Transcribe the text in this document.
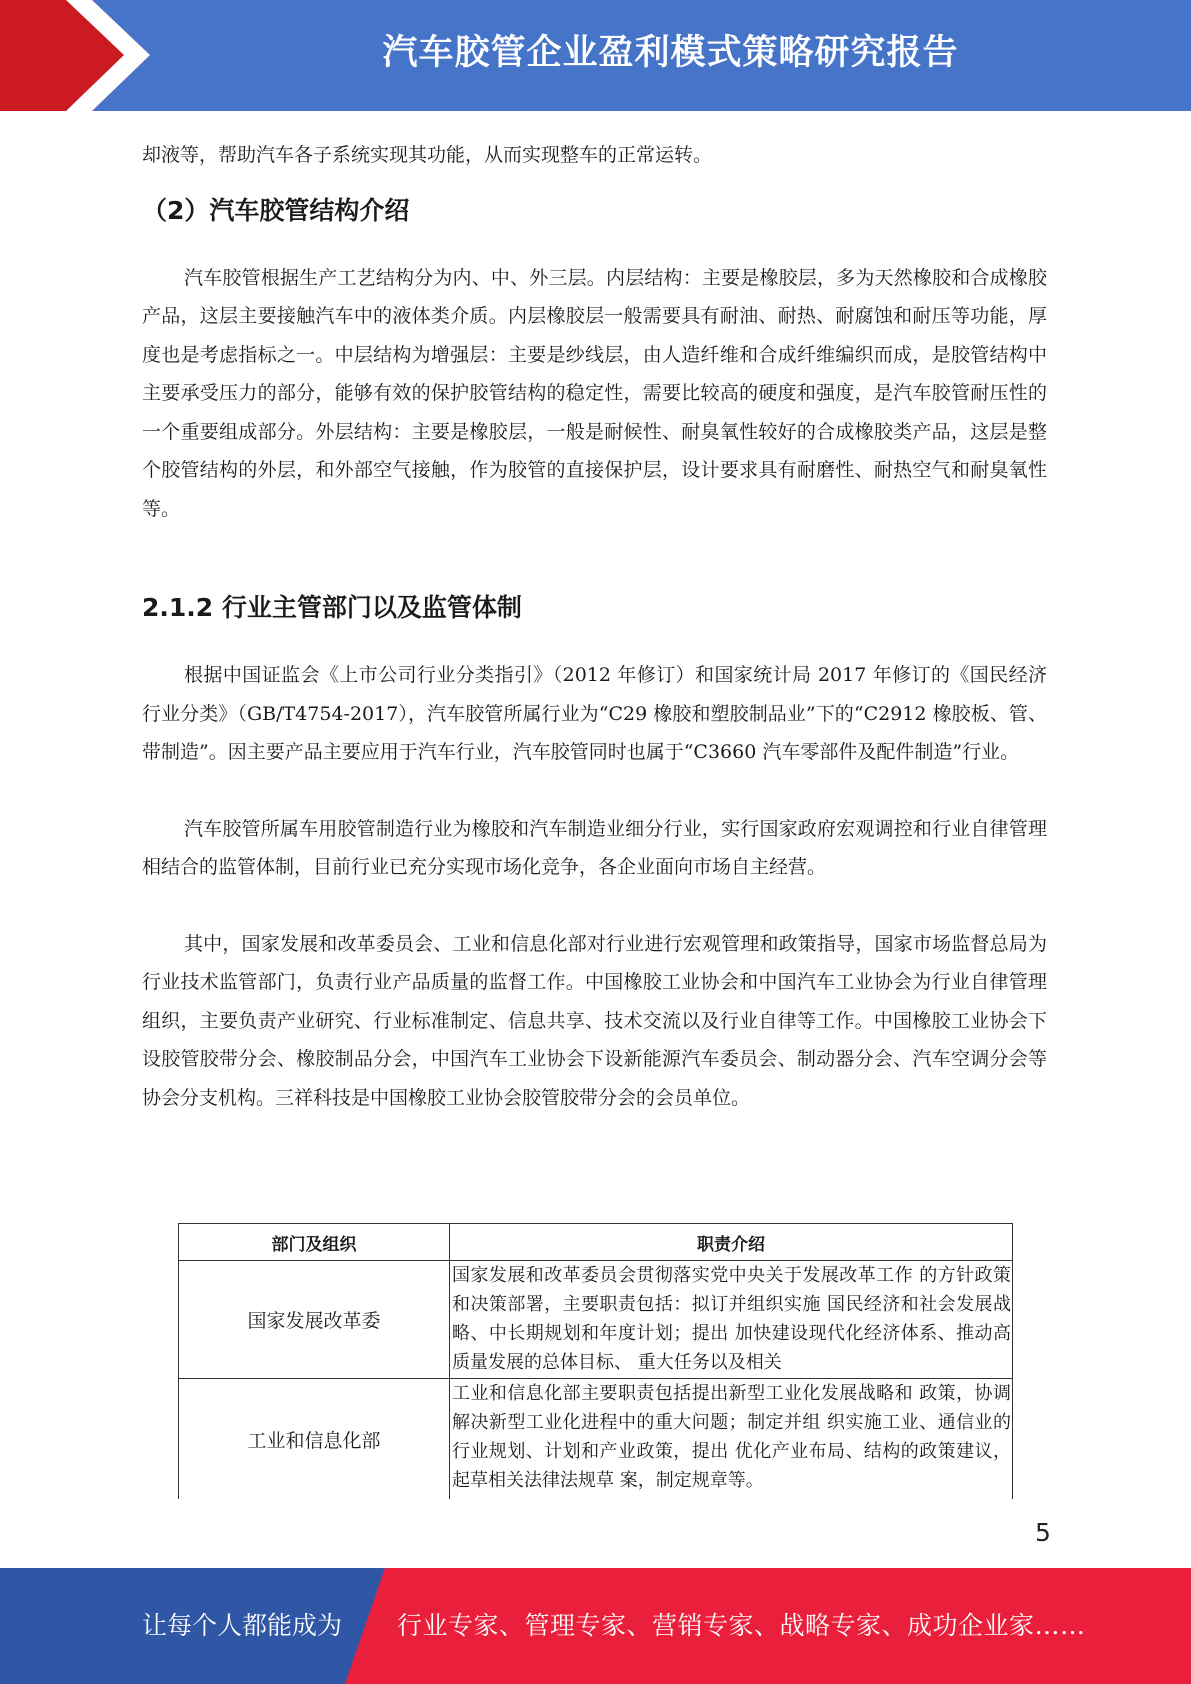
汽车胶管企业盈利模式策略研究报告

却液等，帮助汽车各子系统实现其功能，从而实现整车的正常运转。

（2）汽车胶管结构介绍

汽车胶管根据生产工艺结构分为内、中、外三层。内层结构：主要是橡胶层，多为天然橡胶和合成橡胶产品，这层主要接触汽车中的液体类介质。内层橡胶层一般需要具有耐油、耐热、耐腐蚀和耐压等功能，厚度也是考虑指标之一。中层结构为增强层：主要是纱线层，由人造纤维和合成纤维编织而成，是胶管结构中主要承受压力的部分，能够有效的保护胶管结构的稳定性，需要比较高的硬度和强度，是汽车胶管耐压性的一个重要组成部分。外层结构：主要是橡胶层，一般是耐候性、耐臭氧性较好的合成橡胶类产品，这层是整个胶管结构的外层，和外部空气接触，作为胶管的直接保护层，设计要求具有耐磨性、耐热空气和耐臭氧性等。

2.1.2 行业主管部门以及监管体制

根据中国证监会《上市公司行业分类指引》（2012 年修订）和国家统计局 2017 年修订的《国民经济行业分类》（GB/T4754-2017），汽车胶管所属行业为“C29 橡胶和塑胶制品业”下的“C2912 橡胶板、管、带制造”。因主要产品主要应用于汽车行业，汽车胶管同时也属于“C3660 汽车零部件及配件制造”行业。

汽车胶管所属车用胶管制造行业为橡胶和汽车制造业细分行业，实行国家政府宏观调控和行业自律管理相结合的监管体制，目前行业已充分实现市场化竞争，各企业面向市场自主经营。

其中，国家发展和改革委员会、工业和信息化部对行业进行宏观管理和政策指导，国家市场监督总局为行业技术监管部门，负责行业产品质量的监督工作。中国橡胶工业协会和中国汽车工业协会为行业自律管理组织，主要负责产业研究、行业标准制定、信息共享、技术交流以及行业自律等工作。中国橡胶工业协会下设胶管胶带分会、橡胶制品分会，中国汽车工业协会下设新能源汽车委员会、制动器分会、汽车空调分会等协会分支机构。三祥科技是中国橡胶工业协会胶管胶带分会的会员单位。

部门及组织	职责介绍
国家发展改革委	国家发展和改革委员会贯彻落实党中央关于发展改革工作 的方针政策和决策部署，主要职责包括：拟订并组织实施 国民经济和社会发展战略、中长期规划和年度计划；提出 加快建设现代化经济体系、推动高质量发展的总体目标、 重大任务以及相关
工业和信息化部	工业和信息化部主要职责包括提出新型工业化发展战略和 政策，协调解决新型工业化进程中的重大问题；制定并组 织实施工业、通信业的行业规划、计划和产业政策，提出 优化产业布局、结构的政策建议，起草相关法律法规草 案，制定规章等。
5
让每个人都能成为 行业专家、管理专家、营销专家、战略专家、成功企业家……
